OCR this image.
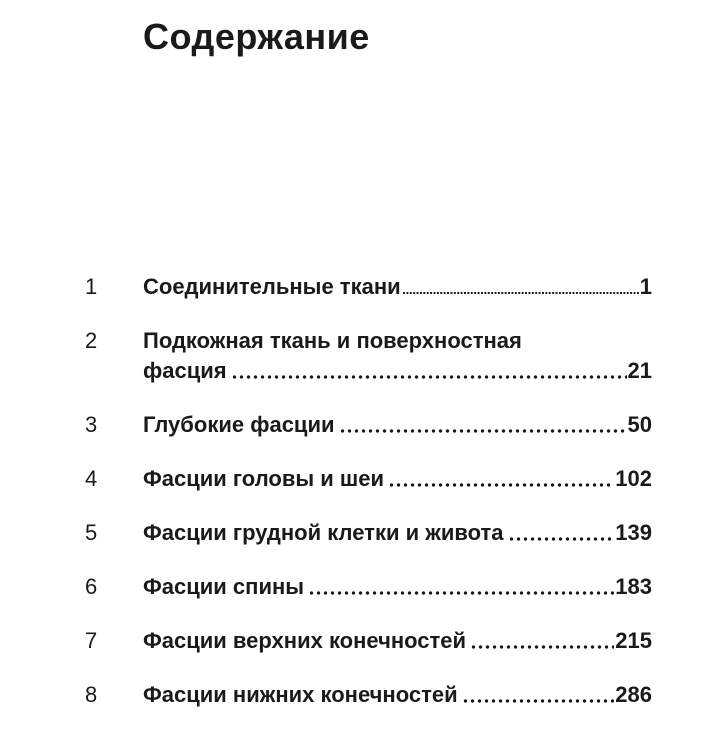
Содержание
1	Соединительные ткани	1
2	Подкожная ткань и поверхностная
фасция	21
3	Глубокие фасции	50
4	Фасции головы и шеи	102
5	Фасции грудной клетки и живота	139
6	Фасции спины	183
7	Фасции верхних конечностей	215
8	Фасции нижних конечностей	286
